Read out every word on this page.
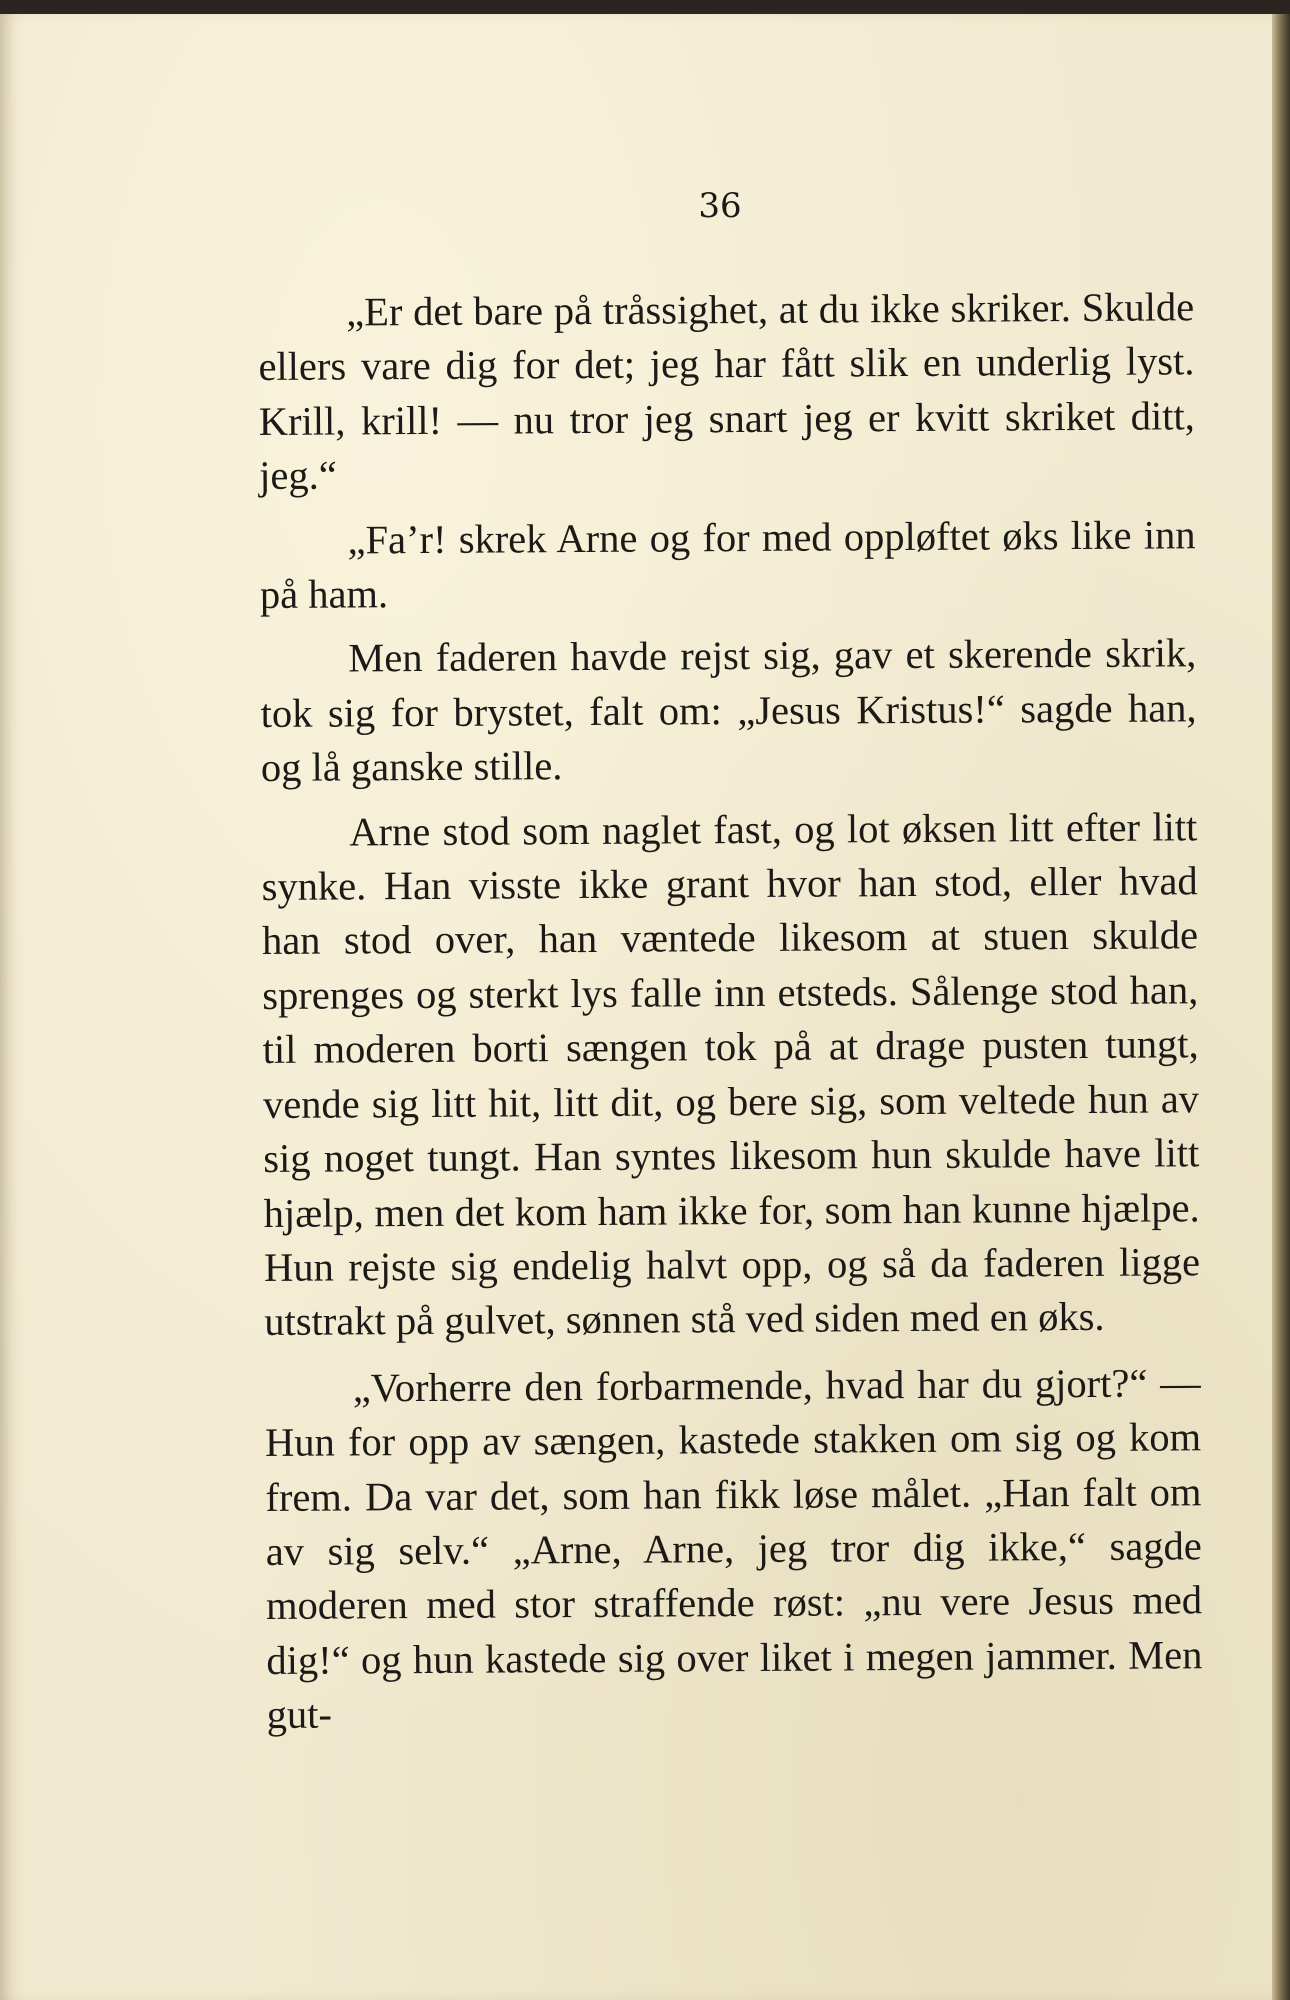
36

„Er det bare på tråssighet, at du ikke skriker. Skulde ellers vare dig for det; jeg har fått slik en underlig lyst. Krill, krill! — nu tror jeg snart jeg er kvitt skriket ditt, jeg.“

„Fa’r! skrek Arne og for med oppløftet øks like inn på ham.

Men faderen havde rejst sig, gav et skerende skrik, tok sig for brystet, falt om: „Jesus Kristus!“ sagde han, og lå ganske stille.

Arne stod som naglet fast, og lot øksen litt efter litt synke. Han visste ikke grant hvor han stod, eller hvad han stod over, han væntede likesom at stuen skulde sprenges og sterkt lys falle inn etsteds. Sålenge stod han, til moderen borti sængen tok på at drage pusten tungt, vende sig litt hit, litt dit, og bere sig, som veltede hun av sig noget tungt. Han syntes likesom hun skulde have litt hjælp, men det kom ham ikke for, som han kunne hjælpe. Hun rejste sig endelig halvt opp, og så da faderen ligge utstrakt på gulvet, sønnen stå ved siden med en øks.

„Vorherre den forbarmende, hvad har du gjort?“ — Hun for opp av sængen, kastede stakken om sig og kom frem. Da var det, som han fikk løse målet. „Han falt om av sig selv.“ „Arne, Arne, jeg tror dig ikke,“ sagde moderen med stor straffende røst: „nu vere Jesus med dig!“ og hun kastede sig over liket i megen jammer. Men gut-
